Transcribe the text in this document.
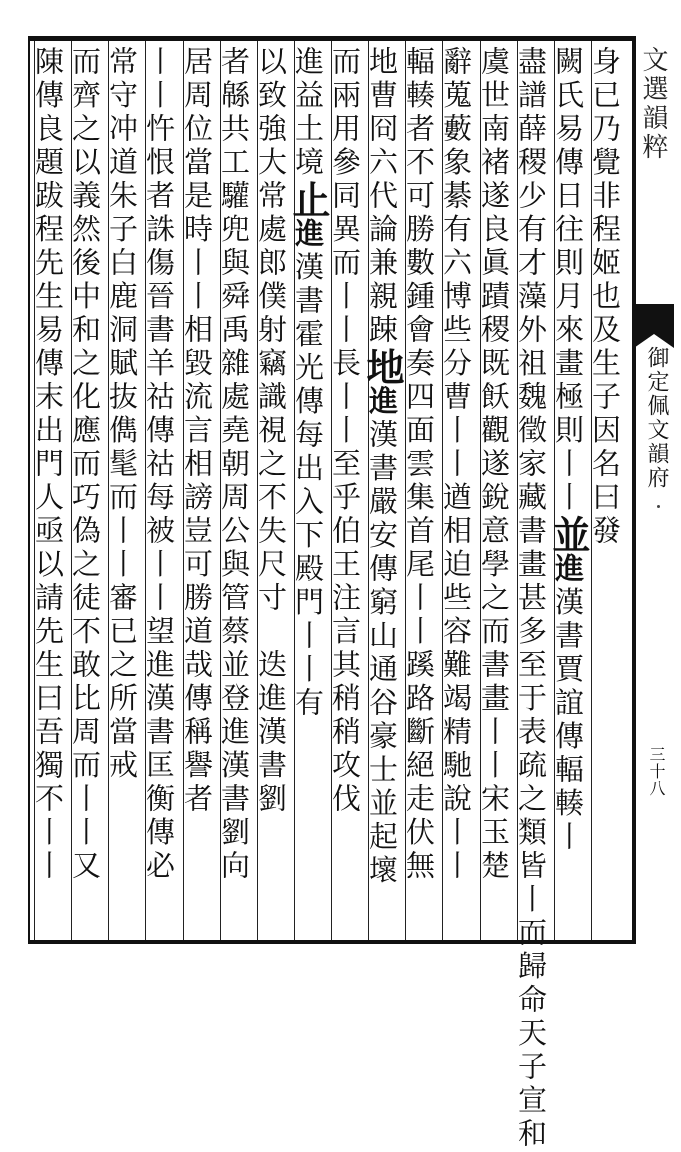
身已乃覺非程姬也及生子因名曰發
闕氏易傳日往則月來畫極則丨丨並進漢書賈誼傳輻輳丨
盡譜薛稷少有才藻外祖魏徵家藏書畫甚多至于表疏之類皆丨而歸命天子宣和
虞世南褚遂良眞蹟稷既飫觀遂銳意學之而書畫丨丨宋玉楚
辭蒐藪象綦有六博些分曹丨丨遒相迫些容難竭精馳說丨丨
輻輳者不可勝數鍾會奏四面雲集首尾丨丨蹊路斷絕走伏無
地曹冏六代論兼親踈地進漢書嚴安傳窮山通谷豪士並起壞
而兩用參同異而丨丨長丨丨至乎伯王注言其稍稍攻伐
進益土境止進漢書霍光傳每出入下殿門丨丨有
以致強大常處郎僕射竊識視之不失尺寸　迭進漢書劉
者緜共工驩兜與舜禹雜處堯朝周公與管蔡並登進漢書劉向
居周位當是時丨丨相毀流言相謗豈可勝道哉傳稱譽者
丨丨忤恨者誅傷晉書羊祜傳祜每被丨丨望進漢書匡衡傳必
常守冲道朱子白鹿洞賦抜儁髦而丨丨審已之所當戒
而齊之以義然後中和之化應而巧偽之徒不敢比周而丨丨又
陳傳良題跋程先生易傳末出門人亟以請先生曰吾獨不丨丨	文選韻粹
御定佩文韻府
三十八
